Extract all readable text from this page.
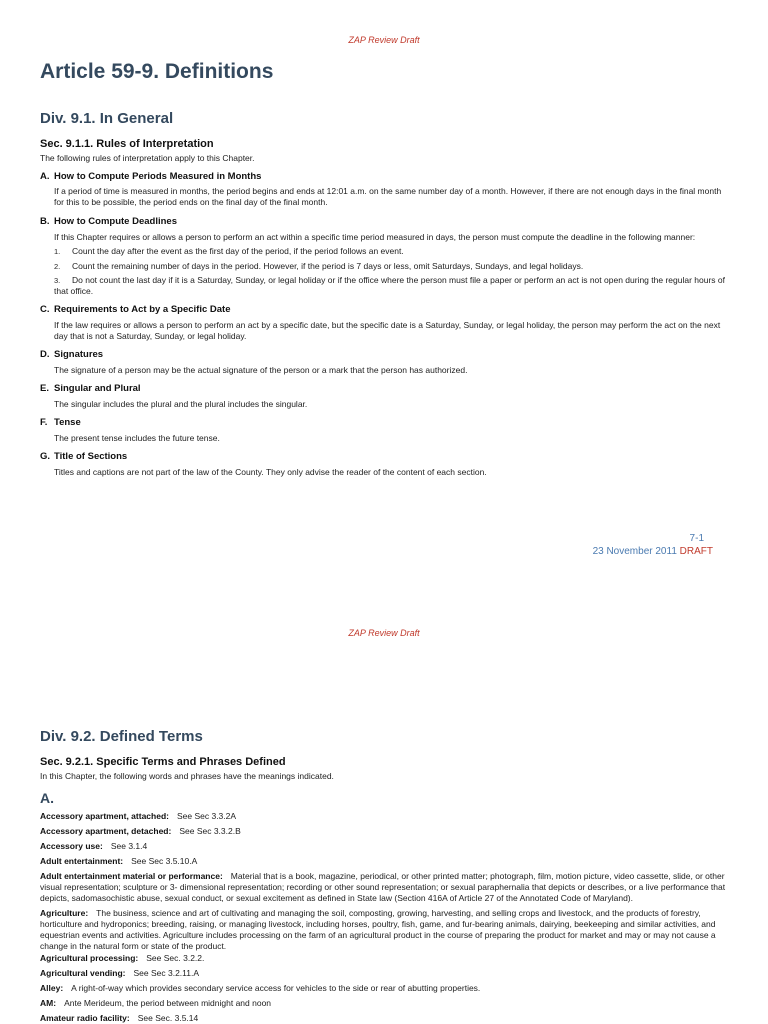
ZAP Review Draft
Article 59-9. Definitions
Div. 9.1. In General
Sec. 9.1.1. Rules of Interpretation

The following rules of interpretation apply to this Chapter.

A. How to Compute Periods Measured in Months

If a period of time is measured in months, the period begins and ends at 12:01 a.m. on the same number day of a month. However, if there are not enough days in the final month for this to be possible, the period ends on the final day of the final month.

B. How to Compute Deadlines

If this Chapter requires or allows a person to perform an act within a specific time period measured in days, the person must compute the deadline in the following manner:

1. Count the day after the event as the first day of the period, if the period follows an event.
2. Count the remaining number of days in the period. However, if the period is 7 days or less, omit Saturdays, Sundays, and legal holidays.
3. Do not count the last day if it is a Saturday, Sunday, or legal holiday or if the office where the person must file a paper or perform an act is not open during the regular hours of that office.
C. Requirements to Act by a Specific Date

If the law requires or allows a person to perform an act by a specific date, but the specific date is a Saturday, Sunday, or legal holiday, the person may perform the act on the next day that is not a Saturday, Sunday, or legal holiday.

D. Signatures

The signature of a person may be the actual signature of the person or a mark that the person has authorized.

E. Singular and Plural

The singular includes the plural and the plural includes the singular.

F. Tense

The present tense includes the future tense.

G. Title of Sections

Titles and captions are not part of the law of the County. They only advise the reader of the content of each section.

7-1
23 November 2011 DRAFT
ZAP Review Draft
Div. 9.2. Defined Terms
Sec. 9.2.1. Specific Terms and Phrases Defined

In this Chapter, the following words and phrases have the meanings indicated.

A.

Accessory apartment, attached: See Sec 3.3.2A

Accessory apartment, detached: See Sec 3.3.2.B

Accessory use: See 3.1.4

Adult entertainment: See Sec 3.5.10.A

Adult entertainment material or performance: Material that is a book, magazine, periodical, or other printed matter; photograph, film, motion picture, video cassette, slide, or other visual representation; sculpture or 3- dimensional representation; recording or other sound representation; or sexual paraphernalia that depicts or describes, or a live performance that depicts, sadomasochistic abuse, sexual conduct, or sexual excitement as defined in State law (Section 416A of Article 27 of the Annotated Code of Maryland).

Agriculture: The business, science and art of cultivating and managing the soil, composting, growing, harvesting, and selling crops and livestock, and the products of forestry, horticulture and hydroponics; breeding, raising, or managing livestock, including horses, poultry, fish, game, and fur-bearing animals, dairying, beekeeping and similar activities, and equestrian events and activities. Agriculture includes processing on the farm of an agricultural product in the course of preparing the product for market and may or may not cause a change in the natural form or state of the product.

Agricultural processing: See Sec. 3.2.2.

Agricultural vending: See Sec 3.2.11.A

Alley: A right-of-way which provides secondary service access for vehicles to the side or rear of abutting properties.

AM: Ante Merideum, the period between midnight and noon

Amateur radio facility: See Sec. 3.5.14
